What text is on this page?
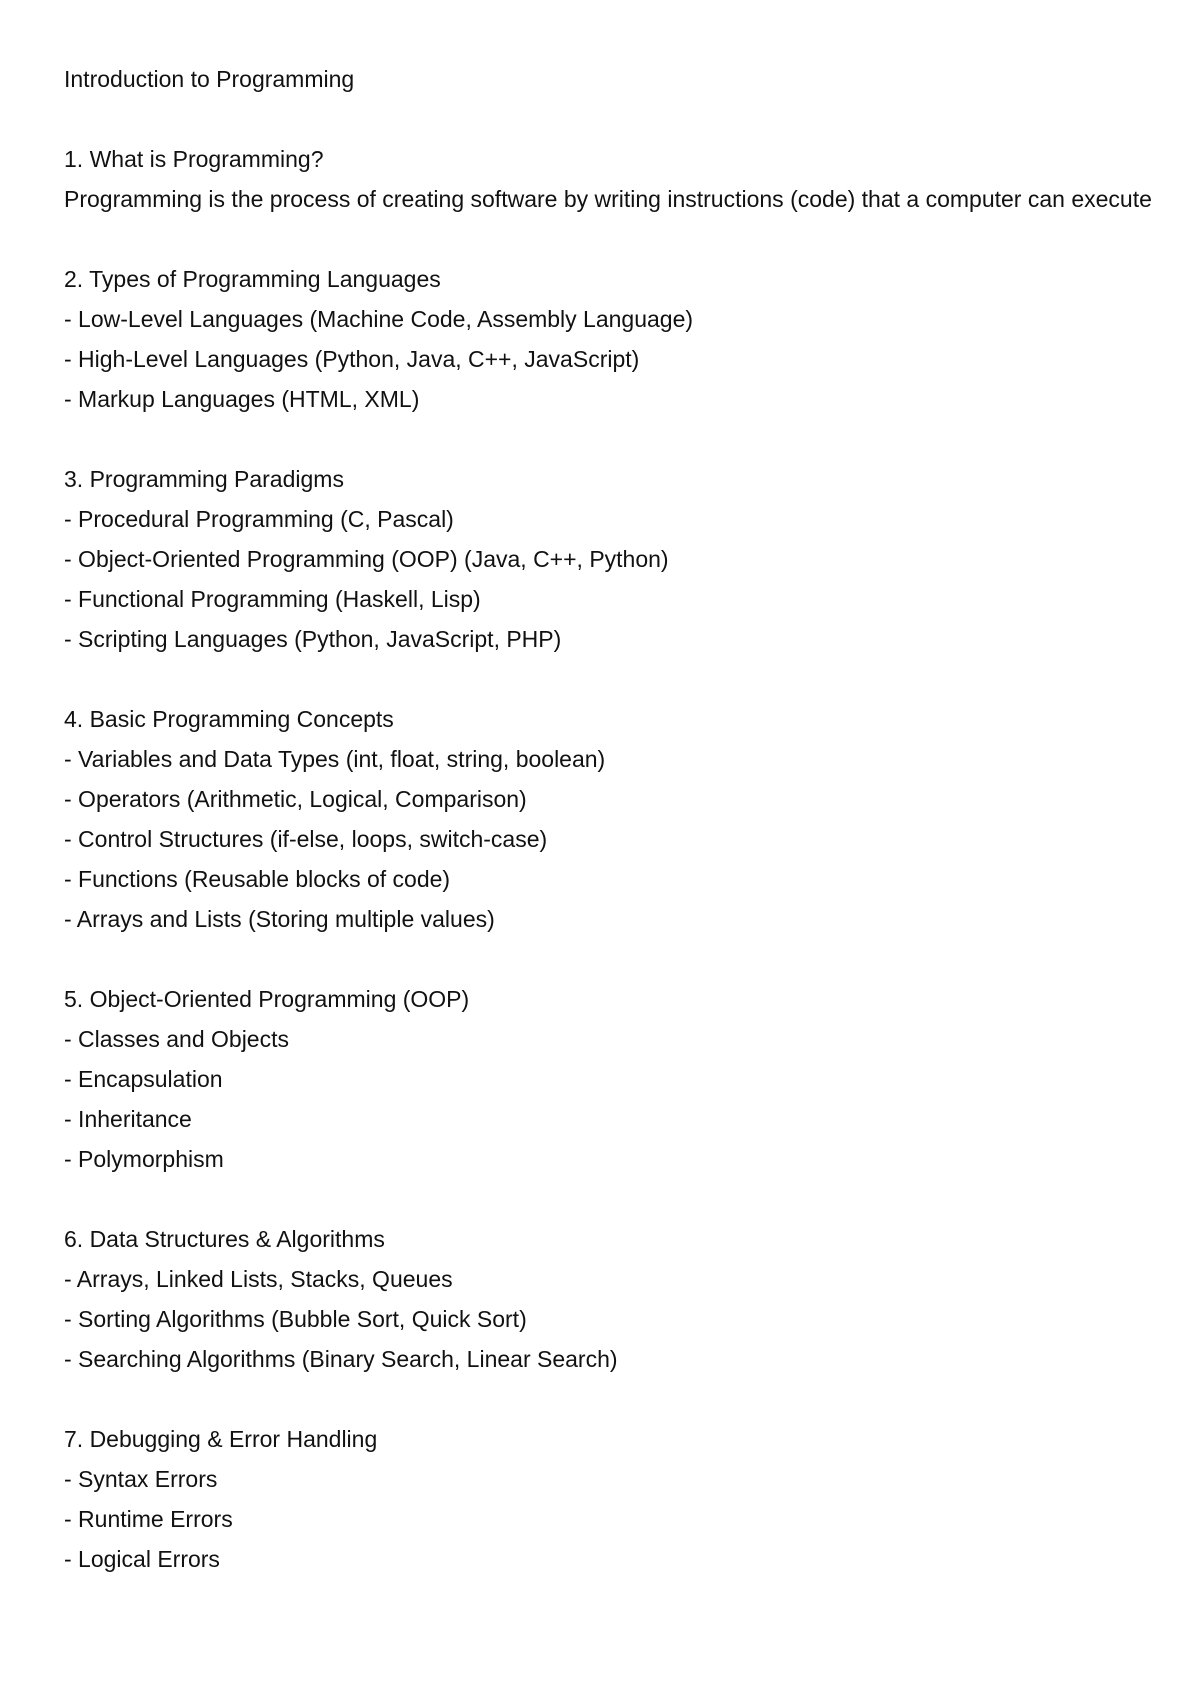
Introduction to Programming
1. What is Programming?
Programming is the process of creating software by writing instructions (code) that a computer can execute
2. Types of Programming Languages
- Low-Level Languages (Machine Code, Assembly Language)
- High-Level Languages (Python, Java, C++, JavaScript)
- Markup Languages (HTML, XML)
3. Programming Paradigms
- Procedural Programming (C, Pascal)
- Object-Oriented Programming (OOP) (Java, C++, Python)
- Functional Programming (Haskell, Lisp)
- Scripting Languages (Python, JavaScript, PHP)
4. Basic Programming Concepts
- Variables and Data Types (int, float, string, boolean)
- Operators (Arithmetic, Logical, Comparison)
- Control Structures (if-else, loops, switch-case)
- Functions (Reusable blocks of code)
- Arrays and Lists (Storing multiple values)
5. Object-Oriented Programming (OOP)
- Classes and Objects
- Encapsulation
- Inheritance
- Polymorphism
6. Data Structures & Algorithms
- Arrays, Linked Lists, Stacks, Queues
- Sorting Algorithms (Bubble Sort, Quick Sort)
- Searching Algorithms (Binary Search, Linear Search)
7. Debugging & Error Handling
- Syntax Errors
- Runtime Errors
- Logical Errors
